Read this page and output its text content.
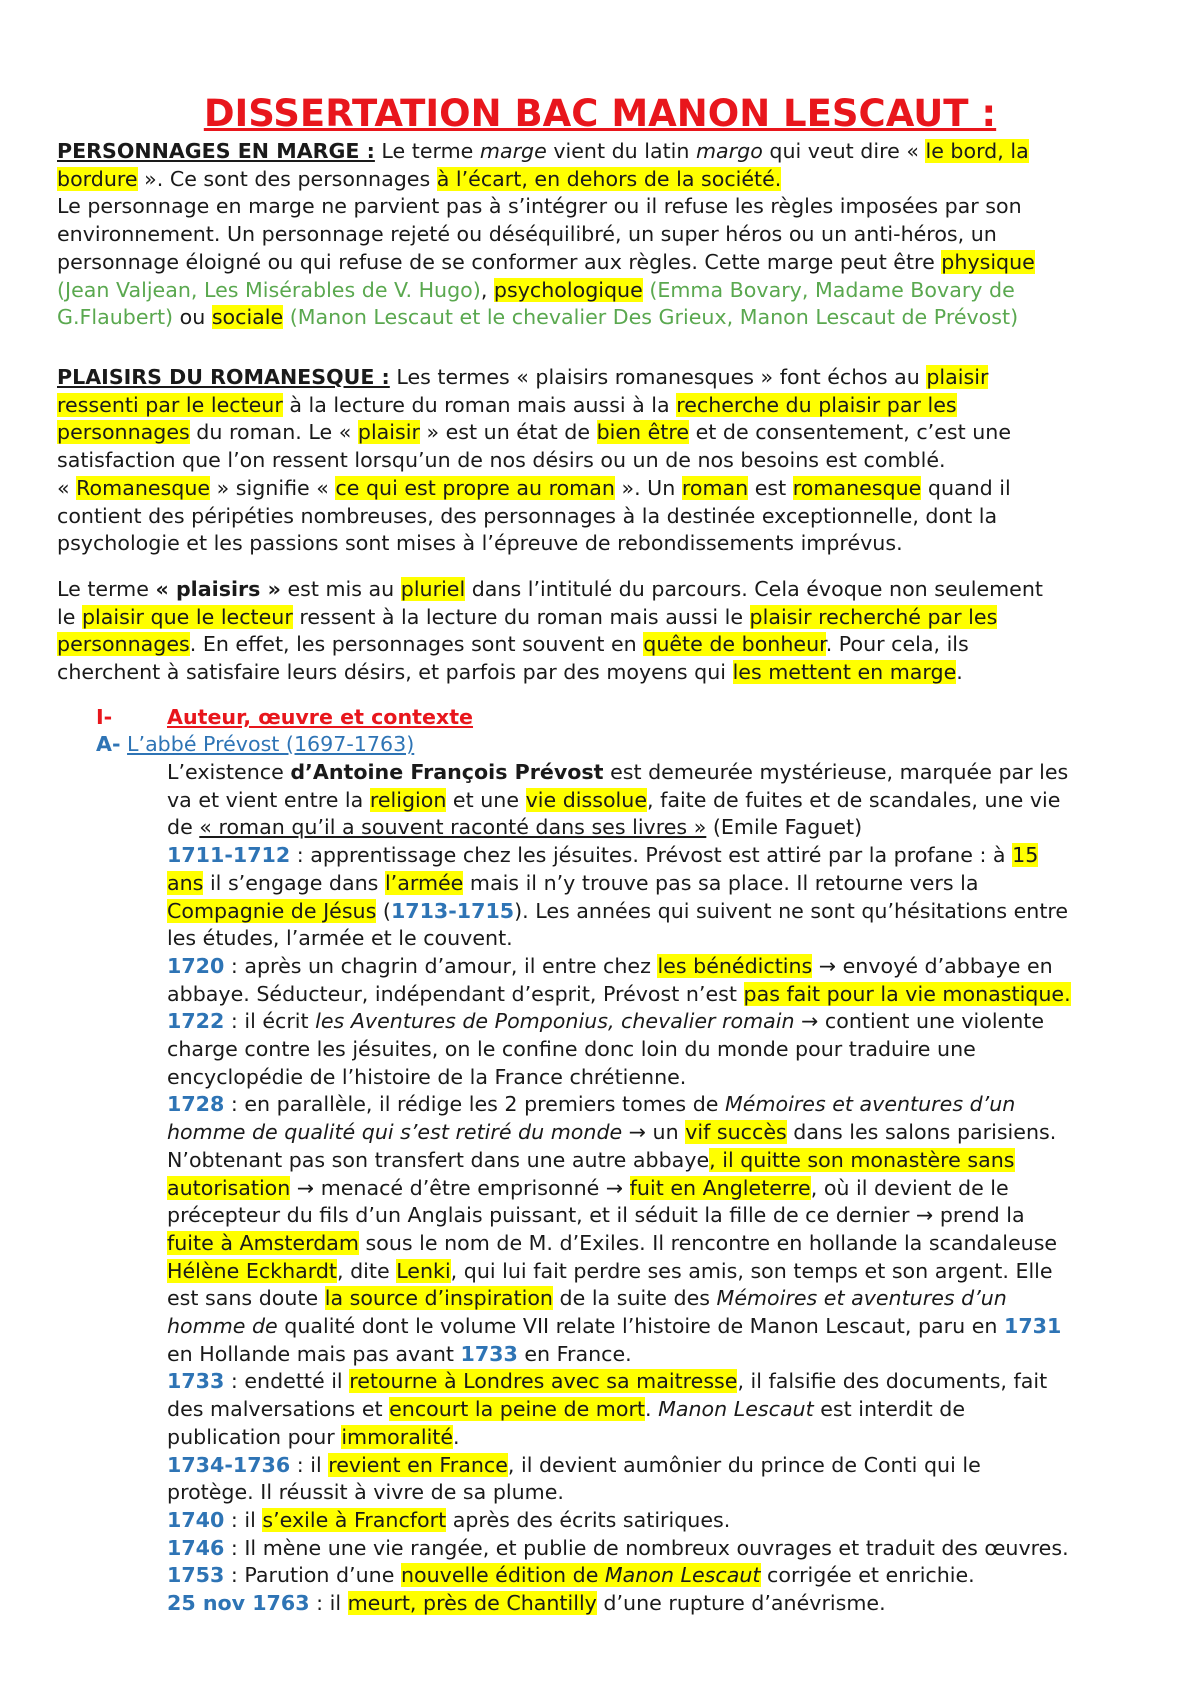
DISSERTATION BAC MANON LESCAUT :
PERSONNAGES EN MARGE : Le terme marge vient du latin margo qui veut dire « le bord, la
bordure ». Ce sont des personnages à l’écart, en dehors de la société.
Le personnage en marge ne parvient pas à s’intégrer ou il refuse les règles imposées par son
environnement. Un personnage rejeté ou déséquilibré, un super héros ou un anti-héros, un
personnage éloigné ou qui refuse de se conformer aux règles. Cette marge peut être physique
(Jean Valjean, Les Misérables de V. Hugo), psychologique (Emma Bovary, Madame Bovary de
G.Flaubert) ou sociale (Manon Lescaut et le chevalier Des Grieux, Manon Lescaut de Prévost)
PLAISIRS DU ROMANESQUE : Les termes « plaisirs romanesques » font échos au plaisir
ressenti par le lecteur à la lecture du roman mais aussi à la recherche du plaisir par les
personnages du roman. Le « plaisir » est un état de bien être et de consentement, c’est une
satisfaction que l’on ressent lorsqu’un de nos désirs ou un de nos besoins est comblé.
« Romanesque » signifie « ce qui est propre au roman ». Un roman est romanesque quand il
contient des péripéties nombreuses, des personnages à la destinée exceptionnelle, dont la
psychologie et les passions sont mises à l’épreuve de rebondissements imprévus.
Le terme « plaisirs » est mis au pluriel dans l’intitulé du parcours. Cela évoque non seulement
le plaisir que le lecteur ressent à la lecture du roman mais aussi le plaisir recherché par les
personnages. En effet, les personnages sont souvent en quête de bonheur. Pour cela, ils
cherchent à satisfaire leurs désirs, et parfois par des moyens qui les mettent en marge.
I-	Auteur, œuvre et contexte
A- L’abbé Prévost (1697-1763)
L’existence d’Antoine François Prévost est demeurée mystérieuse, marquée par les
va et vient entre la religion et une vie dissolue, faite de fuites et de scandales, une vie
de « roman qu’il a souvent raconté dans ses livres » (Emile Faguet)
1711-1712 : apprentissage chez les jésuites. Prévost est attiré par la profane : à 15
ans il s’engage dans l’armée mais il n’y trouve pas sa place. Il retourne vers la
Compagnie de Jésus (1713-1715). Les années qui suivent ne sont qu’hésitations entre
les études, l’armée et le couvent.
1720 : après un chagrin d’amour, il entre chez les bénédictins → envoyé d’abbaye en
abbaye. Séducteur, indépendant d’esprit, Prévost n’est pas fait pour la vie monastique.
1722 : il écrit les Aventures de Pomponius, chevalier romain → contient une violente
charge contre les jésuites, on le confine donc loin du monde pour traduire une
encyclopédie de l’histoire de la France chrétienne.
1728 : en parallèle, il rédige les 2 premiers tomes de Mémoires et aventures d’un
homme de qualité qui s’est retiré du monde → un vif succès dans les salons parisiens.
N’obtenant pas son transfert dans une autre abbaye, il quitte son monastère sans
autorisation → menacé d’être emprisonné → fuit en Angleterre, où il devient de le
précepteur du fils d’un Anglais puissant, et il séduit la fille de ce dernier → prend la
fuite à Amsterdam sous le nom de M. d’Exiles. Il rencontre en hollande la scandaleuse
Hélène Eckhardt, dite Lenki, qui lui fait perdre ses amis, son temps et son argent. Elle
est sans doute la source d’inspiration de la suite des Mémoires et aventures d’un
homme de qualité dont le volume VII relate l’histoire de Manon Lescaut, paru en 1731
en Hollande mais pas avant 1733 en France.
1733 : endetté il retourne à Londres avec sa maitresse, il falsifie des documents, fait
des malversations et encourt la peine de mort. Manon Lescaut est interdit de
publication pour immoralité.
1734-1736 : il revient en France, il devient aumônier du prince de Conti qui le
protège. Il réussit à vivre de sa plume.
1740 : il s’exile à Francfort après des écrits satiriques.
1746 : Il mène une vie rangée, et publie de nombreux ouvrages et traduit des œuvres.
1753 : Parution d’une nouvelle édition de Manon Lescaut corrigée et enrichie.
25 nov 1763 : il meurt, près de Chantilly d’une rupture d’anévrisme.
